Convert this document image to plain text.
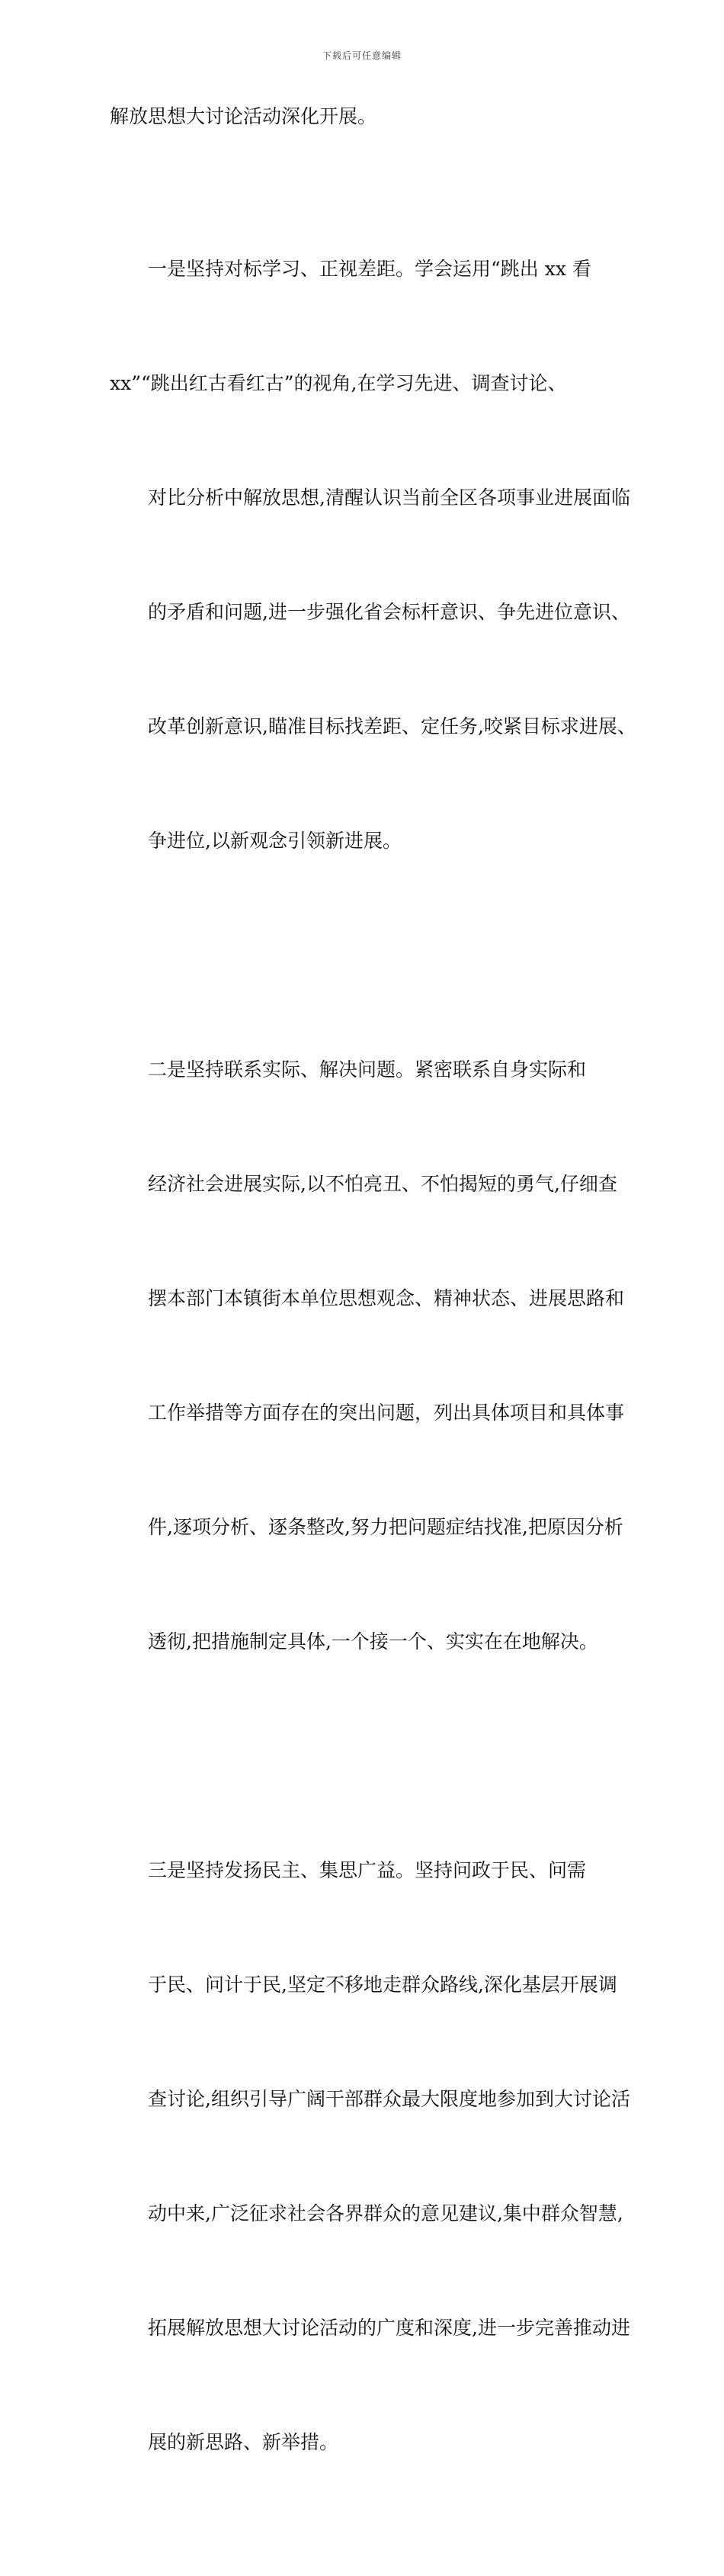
下载后可任意编辑

解放思想大讨论活动深化开展。

一是坚持对标学习、正视差距。学会运用“跳出 xx 看

xx”“跳出红古看红古”的视角,在学习先进、调查讨论、

对比分析中解放思想,清醒认识当前全区各项事业进展面临

的矛盾和问题,进一步强化省会标杆意识、争先进位意识、

改革创新意识,瞄准目标找差距、定任务,咬紧目标求进展、

争进位,以新观念引领新进展。

二是坚持联系实际、解决问题。紧密联系自身实际和

经济社会进展实际,以不怕亮丑、不怕揭短的勇气,仔细查

摆本部门本镇街本单位思想观念、精神状态、进展思路和

工作举措等方面存在的突出问题，列出具体项目和具体事

件,逐项分析、逐条整改,努力把问题症结找准,把原因分析

透彻,把措施制定具体,一个接一个、实实在在地解决。

三是坚持发扬民主、集思广益。坚持问政于民、问需

于民、问计于民,坚定不移地走群众路线,深化基层开展调

查讨论,组织引导广阔干部群众最大限度地参加到大讨论活

动中来,广泛征求社会各界群众的意见建议,集中群众智慧,

拓展解放思想大讨论活动的广度和深度,进一步完善推动进

展的新思路、新举措。
